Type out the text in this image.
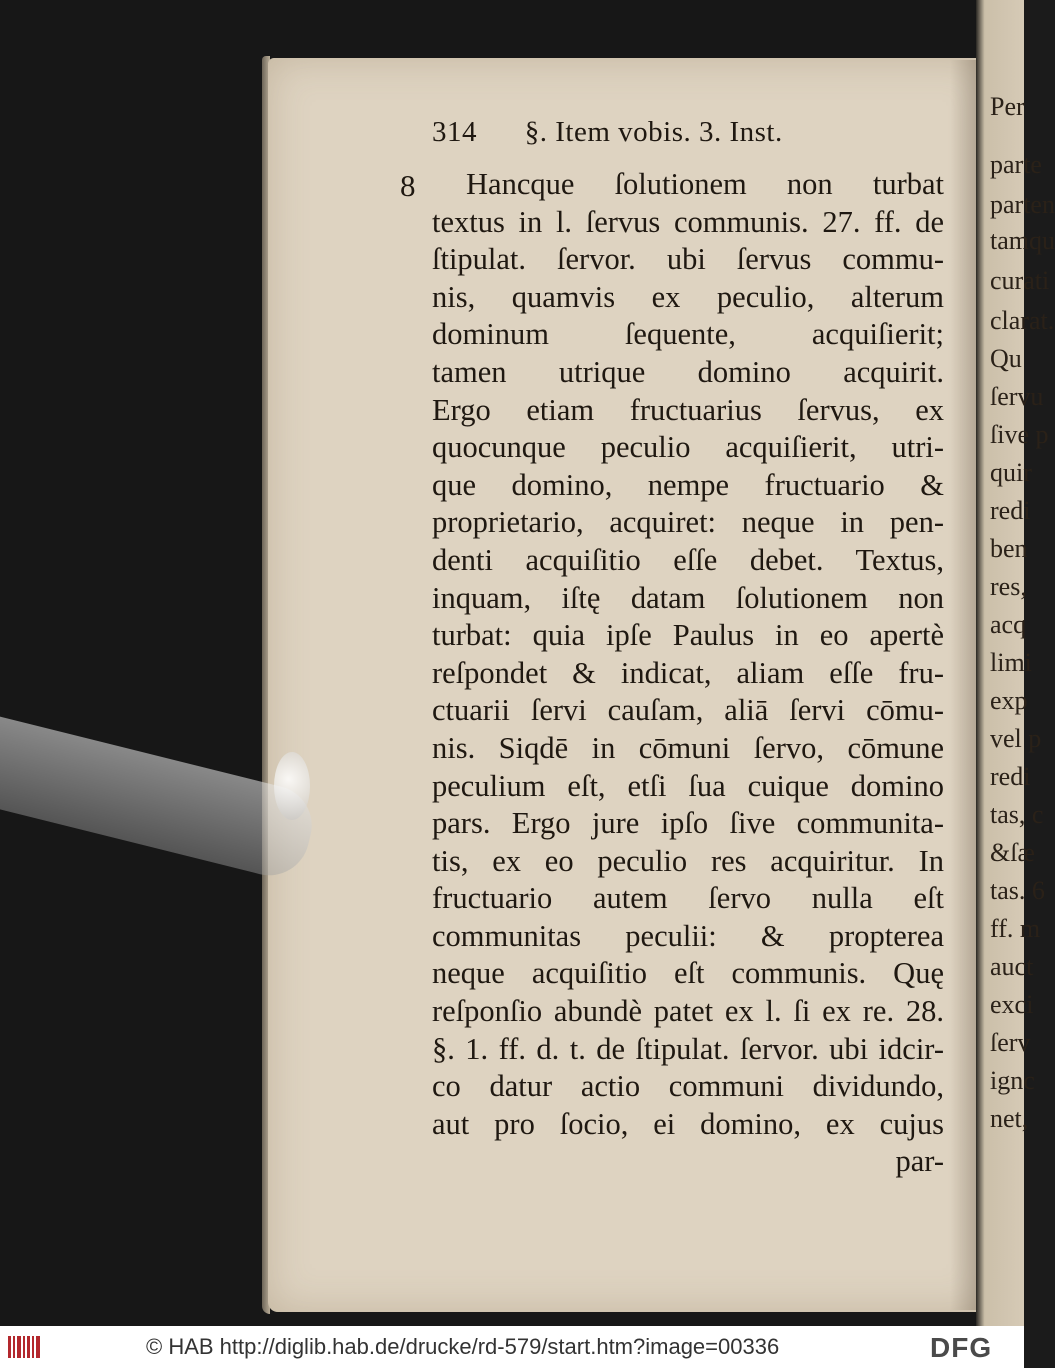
Per
parte
parten
tamqu
curati
clarat.
Qu
ſervu
ſive p
quir
redi
ben
res,
acq
limi
exp
vel p
redi
tas, c
&ſæ
tas. 6
ff. m
auct
exci
ſerv
ignc
net,
314 §. Item vobis. 3. Inst.
8	Hancque ſolutionem non turbat
textus in l. ſervus communis. 27. ff. de
ſtipulat. ſervor. ubi ſervus commu-
nis, quamvis ex peculio, alterum
dominum ſequente, acquiſierit;
tamen utrique domino acquirit.
Ergo etiam fructuarius ſervus, ex
quocunque peculio acquiſierit, utri-
que domino, nempe fructuario &
proprietario, acquiret: neque in pen-
denti acquiſitio eſſe debet. Textus,
inquam, iſtę datam ſolutionem non
turbat: quia ipſe Paulus in eo apertè
reſpondet & indicat, aliam eſſe fru-
ctuarii ſervi cauſam, aliā ſervi cōmu-
nis. Siqdē in cōmuni ſervo, cōmune
peculium eſt, etſi ſua cuique domino
pars. Ergo jure ipſo ſive communita-
tis, ex eo peculio res acquiritur. In
fructuario autem ſervo nulla eſt
communitas peculii: & propterea
neque acquiſitio eſt communis. Quę
reſponſio abundè patet ex l. ſi ex re. 28.
§. 1. ff. d. t. de ſtipulat. ſervor. ubi idcir-
co datur actio communi dividundo,
aut pro ſocio, ei domino, ex cujus
par-
© HAB http://diglib.hab.de/drucke/rd-579/start.htm?image=00336	DFG
